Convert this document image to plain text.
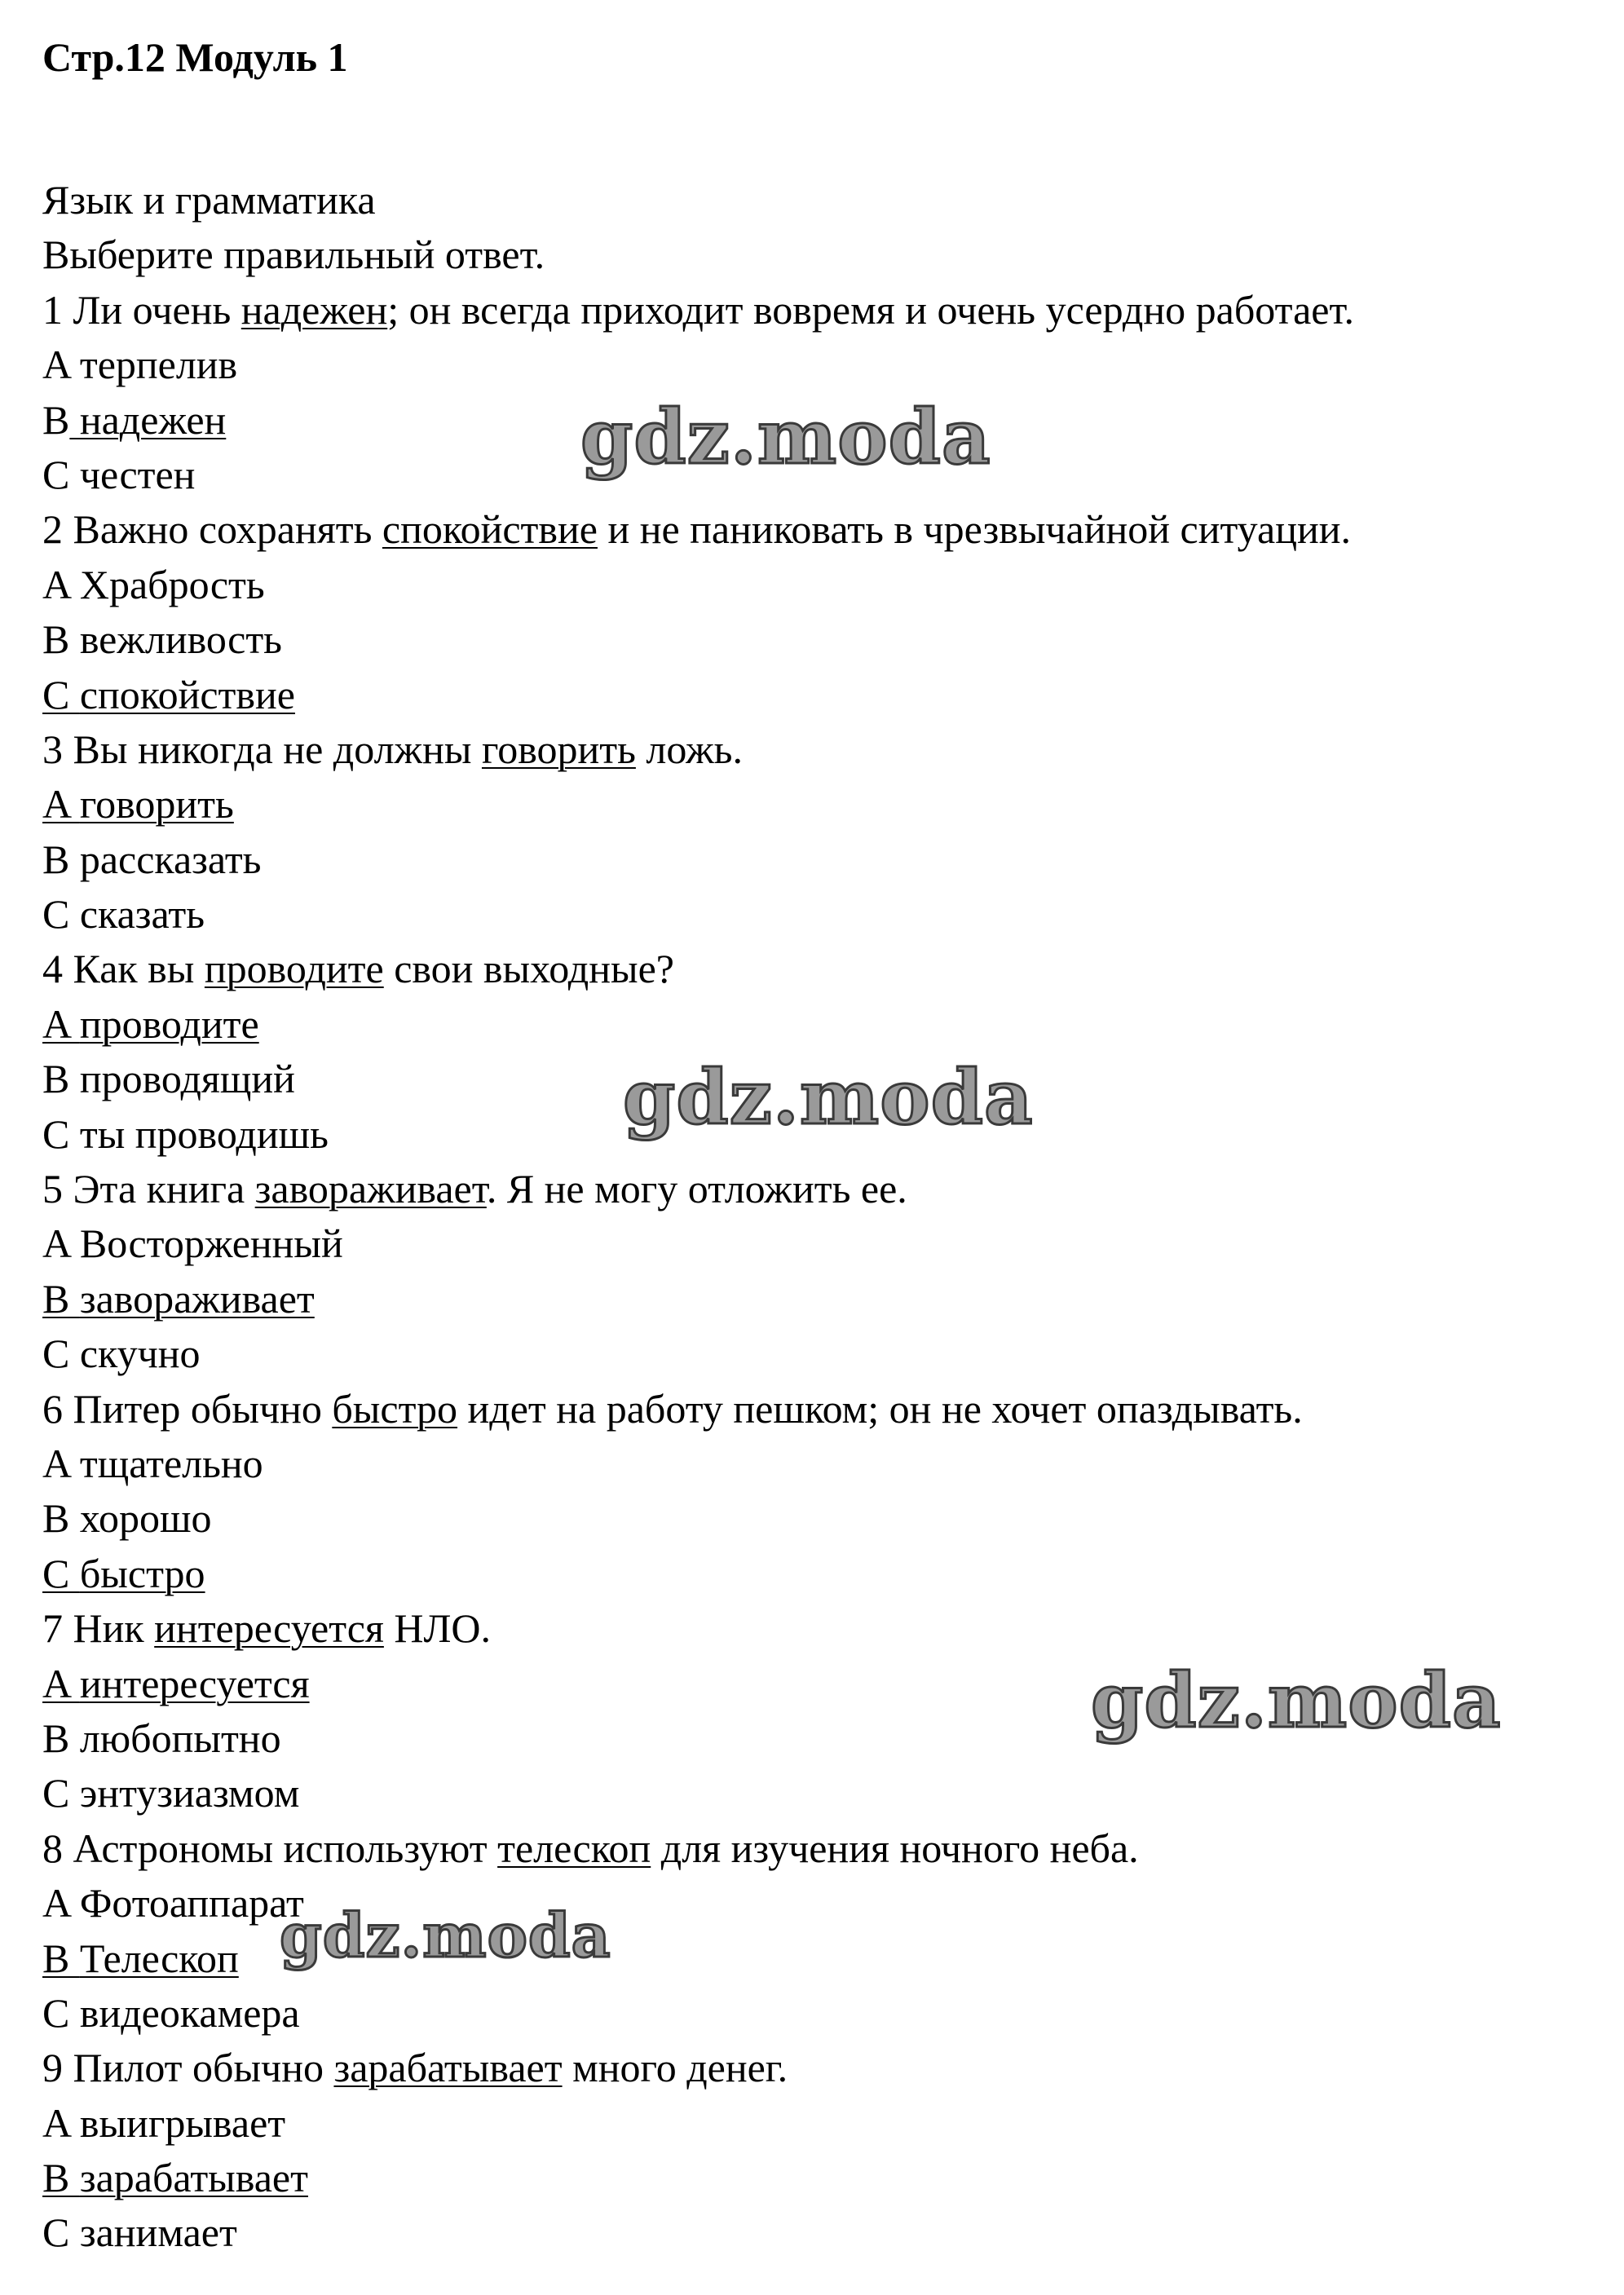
Стр.12 Модуль 1
Язык и грамматика
Выберите правильный ответ.
1 Ли очень надежен; он всегда приходит вовремя и очень усердно работает.
A терпелив
B надежен
C честен
2 Важно сохранять спокойствие и не паниковать в чрезвычайной ситуации.
A Храбрость
B вежливость
C спокойствие
3 Вы никогда не должны говорить ложь.
A говорить
B рассказать
C сказать
4 Как вы проводите свои выходные?
A проводите
B проводящий
C ты проводишь
5 Эта книга завораживает. Я не могу отложить ее.
A Восторженный
B завораживает
C скучно
6 Питер обычно быстро идет на работу пешком; он не хочет опаздывать.
A тщательно
B хорошо
C быстро
7 Ник интересуется НЛО.
A интересуется
B любопытно
C энтузиазмом
8 Астрономы используют телескоп для изучения ночного неба.
A Фотоаппарат
B Телескоп
C видеокамера
9 Пилот обычно зарабатывает много денег.
A выигрывает
B зарабатывает
C занимает
gdz.moda
gdz.moda
gdz.moda
gdz.moda
